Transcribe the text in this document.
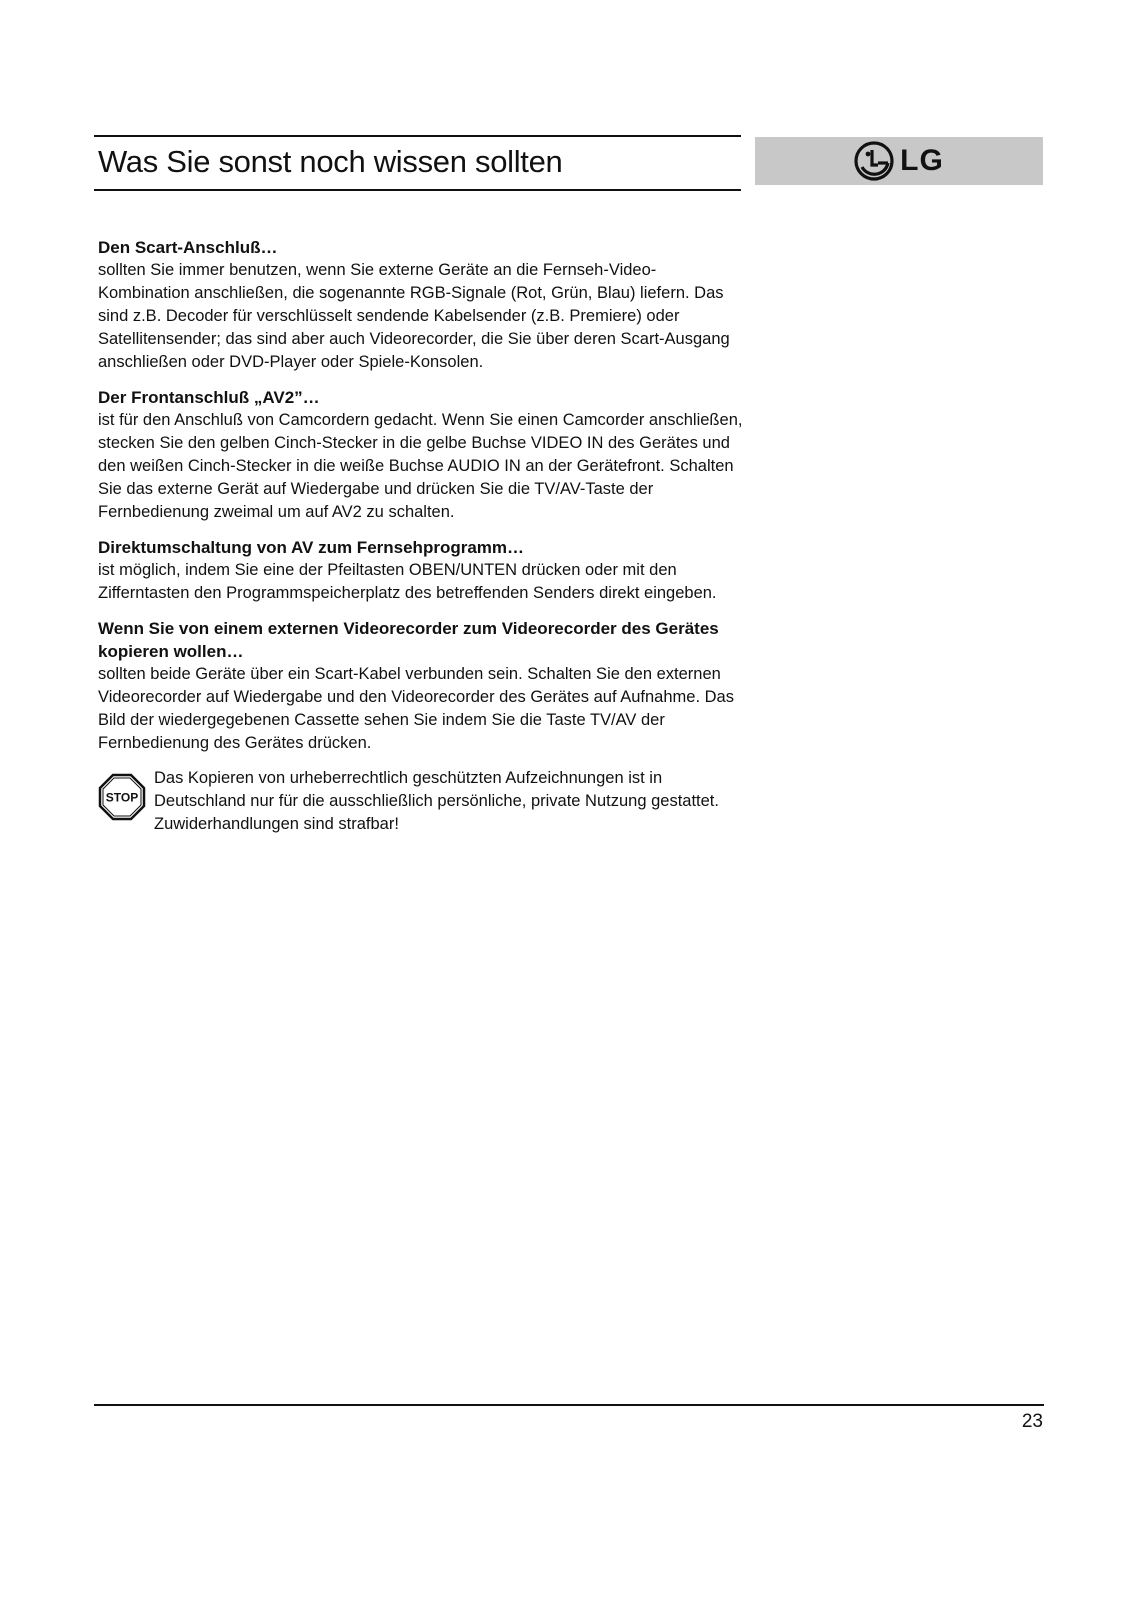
Was Sie sonst noch wissen sollten	LG
Den Scart-Anschluß…

sollten Sie immer benutzen, wenn Sie externe Geräte an die Fernseh-Video-Kombination anschließen, die sogenannte RGB-Signale (Rot, Grün, Blau) liefern. Das sind z.B. Decoder für verschlüsselt sendende Kabelsender (z.B. Premiere) oder Satellitensender; das sind aber auch Videorecorder, die Sie über deren Scart-Ausgang anschließen oder DVD-Player oder Spiele-Konsolen.

Der Frontanschluß „AV2”…

ist für den Anschluß von Camcordern gedacht. Wenn Sie einen Camcorder anschließen, stecken Sie den gelben Cinch-Stecker in die gelbe Buchse VIDEO IN des Gerätes und den weißen Cinch-Stecker in die weiße Buchse AUDIO IN an der Gerätefront. Schalten Sie das externe Gerät auf Wiedergabe und drücken Sie die TV/AV-Taste der Fernbedienung zweimal um auf AV2 zu schalten.

Direktumschaltung von AV zum Fernsehprogramm…

ist möglich, indem Sie eine der Pfeiltasten OBEN/UNTEN drücken oder mit den Zifferntasten den Programmspeicherplatz des betreffenden Senders direkt eingeben.

Wenn Sie von einem externen Videorecorder zum Videorecorder des Gerätes kopieren wollen…

sollten beide Geräte über ein Scart-Kabel verbunden sein. Schalten Sie den externen Videorecorder auf Wiedergabe und den Videorecorder des Gerätes auf Aufnahme. Das Bild der wiedergegebenen Cassette sehen Sie indem Sie die Taste TV/AV der Fernbedienung des Gerätes drücken.

STOP

Das Kopieren von urheberrechtlich geschützten Aufzeichnungen ist in Deutschland nur für die ausschließlich persönliche, private Nutzung gestattet. Zuwiderhandlungen sind strafbar!

23
